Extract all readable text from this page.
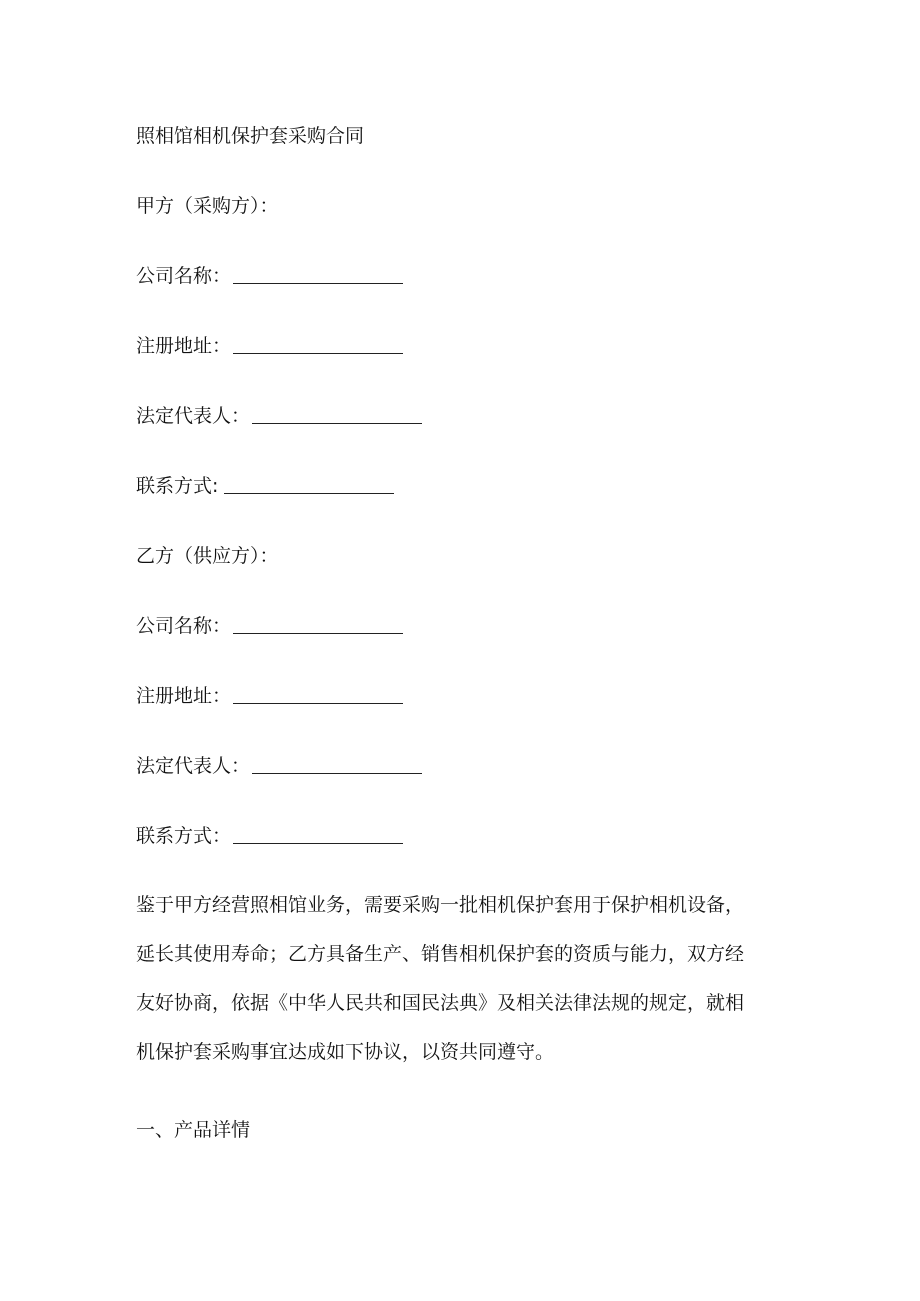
照相馆相机保护套采购合同
甲方（采购方）：
公司名称：
注册地址：
法定代表人：
联系方式:
乙方（供应方）：
公司名称：
注册地址：
法定代表人：
联系方式：
鉴于甲方经营照相馆业务，需要采购一批相机保护套用于保护相机设备，
延长其使用寿命；乙方具备生产、销售相机保护套的资质与能力，双方经
友好协商，依据《中华人民共和国民法典》及相关法律法规的规定，就相
机保护套采购事宜达成如下协议，以资共同遵守。
一、产品详情
